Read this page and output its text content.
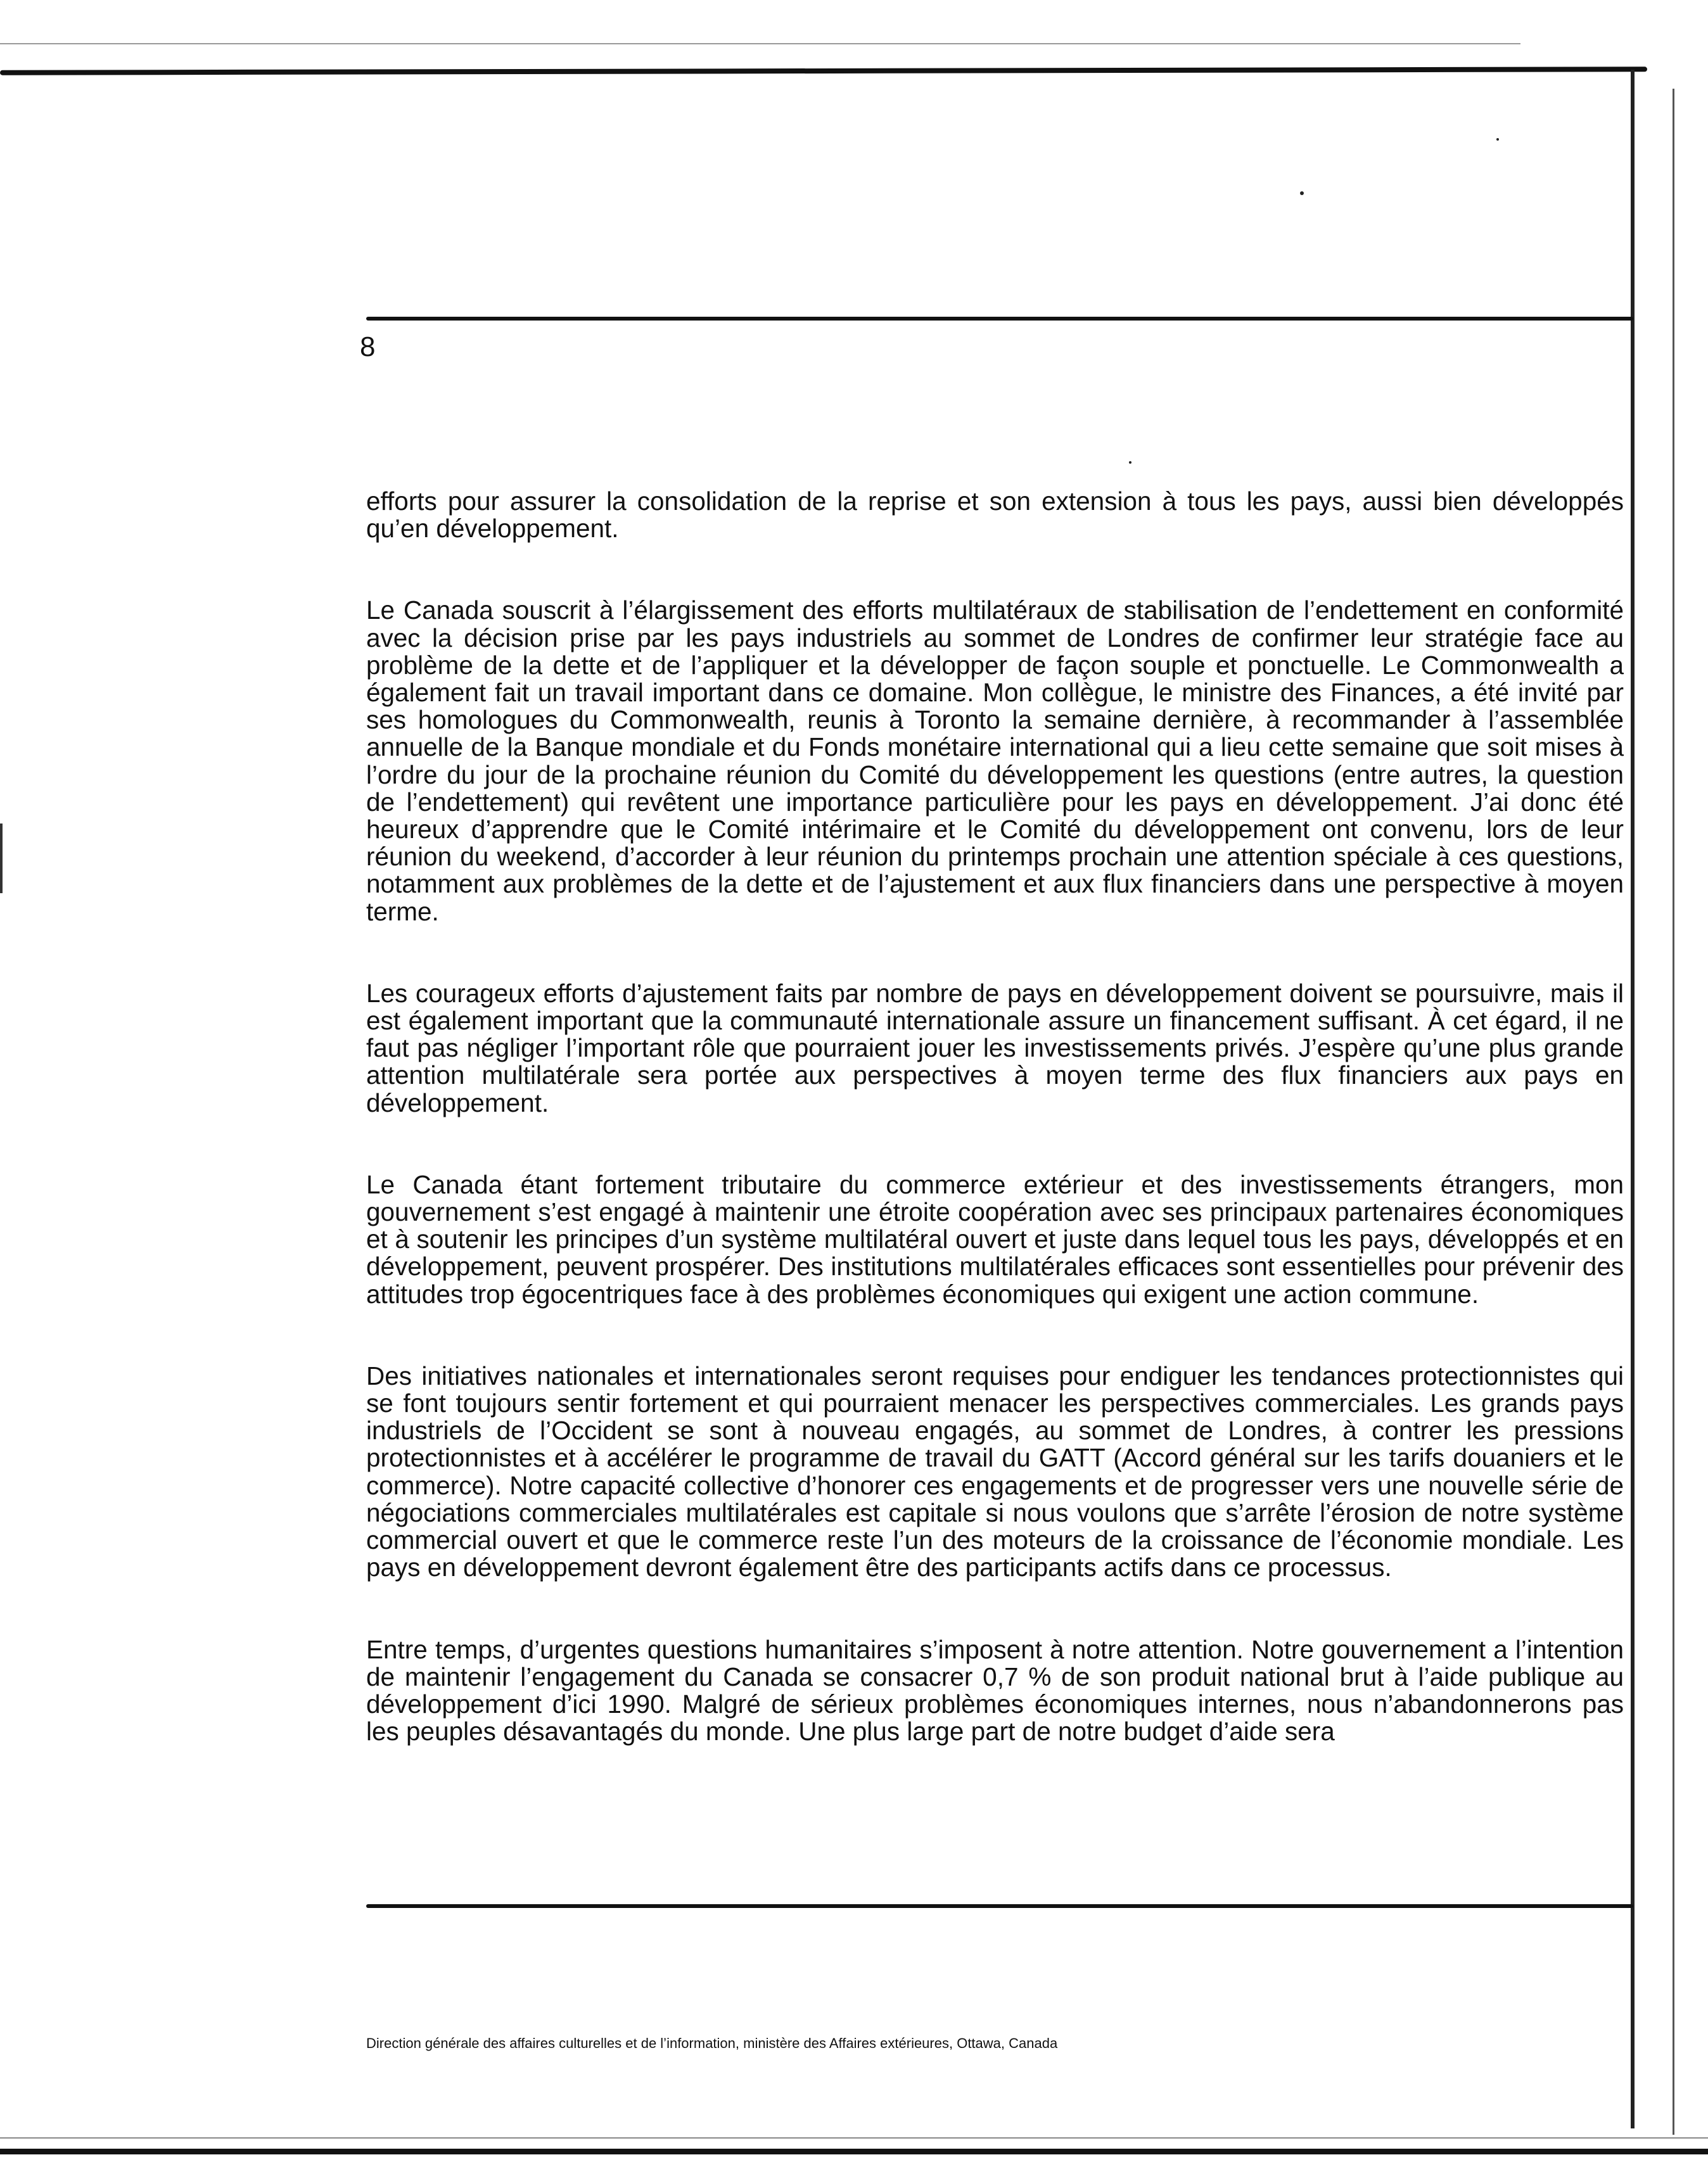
8

efforts pour assurer la consolidation de la reprise et son extension à tous les pays, aussi bien développés qu’en développement.

Le Canada souscrit à l’élargissement des efforts multilatéraux de stabilisation de l’endettement en conformité avec la décision prise par les pays industriels au sommet de Londres de confirmer leur stratégie face au problème de la dette et de l’appliquer et la développer de façon souple et ponctuelle. Le Commonwealth a également fait un travail important dans ce domaine. Mon collègue, le ministre des Finances, a été invité par ses homologues du Commonwealth, reunis à Toronto la semaine dernière, à recommander à l’assemblée annuelle de la Banque mondiale et du Fonds monétaire international qui a lieu cette semaine que soit mises à l’ordre du jour de la prochaine réunion du Comité du développement les questions (entre autres, la question de l’endettement) qui revêtent une importance particulière pour les pays en développement. J’ai donc été heureux d’apprendre que le Comité intérimaire et le Comité du développement ont convenu, lors de leur réunion du weekend, d’accorder à leur réunion du printemps prochain une attention spéciale à ces questions, notamment aux problèmes de la dette et de l’ajustement et aux flux financiers dans une perspective à moyen terme.

Les courageux efforts d’ajustement faits par nombre de pays en développement doivent se poursuivre, mais il est également important que la communauté internationale assure un financement suffisant. À cet égard, il ne faut pas négliger l’important rôle que pourraient jouer les investissements privés. J’espère qu’une plus grande attention multilatérale sera portée aux perspectives à moyen terme des flux financiers aux pays en développement.

Le Canada étant fortement tributaire du commerce extérieur et des investissements étrangers, mon gouvernement s’est engagé à maintenir une étroite coopération avec ses principaux partenaires économiques et à soutenir les principes d’un système multilatéral ouvert et juste dans lequel tous les pays, développés et en développement, peuvent prospérer. Des institutions multilatérales efficaces sont essentielles pour prévenir des attitudes trop égocentriques face à des problèmes économiques qui exigent une action commune.

Des initiatives nationales et internationales seront requises pour endiguer les tendances protectionnistes qui se font toujours sentir fortement et qui pourraient menacer les perspectives commerciales. Les grands pays industriels de l’Occident se sont à nouveau engagés, au sommet de Londres, à contrer les pressions protectionnistes et à accélérer le programme de travail du GATT (Accord général sur les tarifs douaniers et le commerce). Notre capacité collective d’honorer ces engagements et de progresser vers une nouvelle série de négociations commerciales multilatérales est capitale si nous voulons que s’arrête l’érosion de notre système commercial ouvert et que le commerce reste l’un des moteurs de la croissance de l’économie mondiale. Les pays en développement devront également être des participants actifs dans ce processus.

Entre temps, d’urgentes questions humanitaires s’imposent à notre attention. Notre gouvernement a l’intention de maintenir l’engagement du Canada se consacrer 0,7 % de son produit national brut à l’aide publique au développement d’ici 1990. Malgré de sérieux problèmes économiques internes, nous n’abandonnerons pas les peuples désavantagés du monde. Une plus large part de notre budget d’aide sera

Direction générale des affaires culturelles et de l’information, ministère des Affaires extérieures, Ottawa, Canada
